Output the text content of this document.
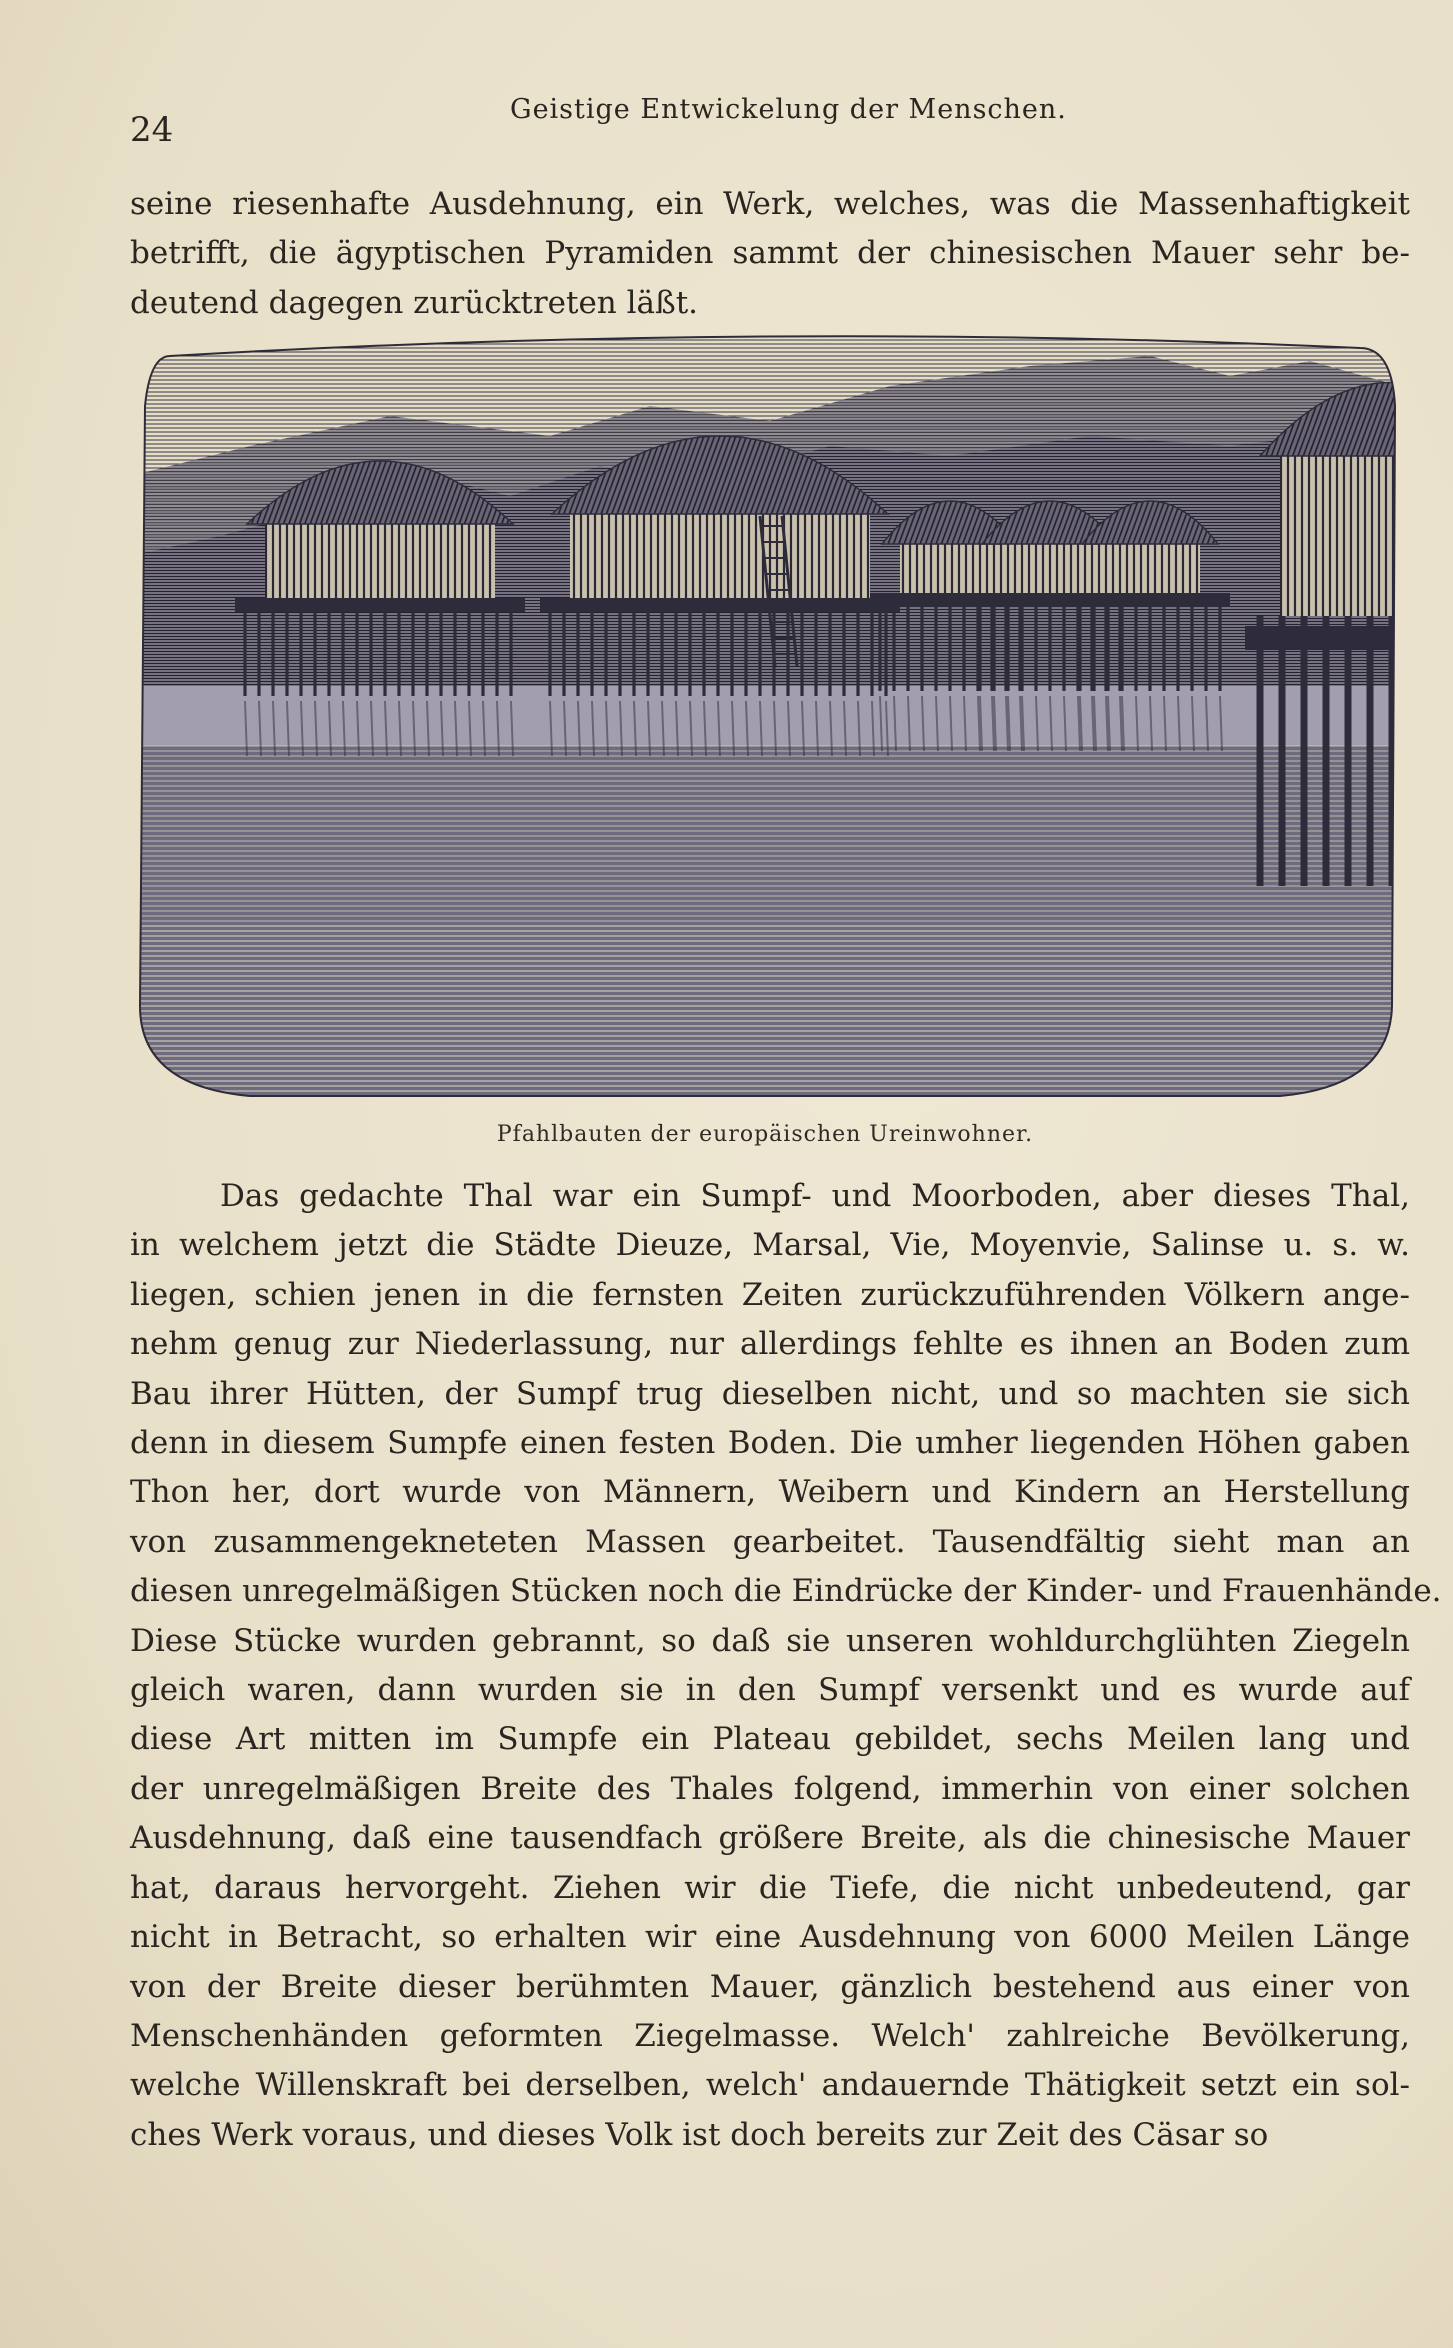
24
Geistige Entwickelung der Menschen.
seine riesenhafte Ausdehnung, ein Werk, welches, was die Massenhaftigkeit
betrifft, die ägyptischen Pyramiden sammt der chinesischen Mauer sehr be-
deutend dagegen zurücktreten läßt.
Pfahlbauten der europäischen Ureinwohner.
Das gedachte Thal war ein Sumpf- und Moorboden, aber dieses Thal,
in welchem jetzt die Städte Dieuze, Marsal, Vie, Moyenvie, Salinse u. s. w.
liegen, schien jenen in die fernsten Zeiten zurückzuführenden Völkern ange-
nehm genug zur Niederlassung, nur allerdings fehlte es ihnen an Boden zum
Bau ihrer Hütten, der Sumpf trug dieselben nicht, und so machten sie sich
denn in diesem Sumpfe einen festen Boden. Die umher liegenden Höhen gaben
Thon her, dort wurde von Männern, Weibern und Kindern an Herstellung
von zusammengekneteten Massen gearbeitet. Tausendfältig sieht man an
diesen unregelmäßigen Stücken noch die Eindrücke der Kinder- und Frauenhände.
Diese Stücke wurden gebrannt, so daß sie unseren wohldurchglühten Ziegeln
gleich waren, dann wurden sie in den Sumpf versenkt und es wurde auf
diese Art mitten im Sumpfe ein Plateau gebildet, sechs Meilen lang und
der unregelmäßigen Breite des Thales folgend, immerhin von einer solchen
Ausdehnung, daß eine tausendfach größere Breite, als die chinesische Mauer
hat, daraus hervorgeht. Ziehen wir die Tiefe, die nicht unbedeutend, gar
nicht in Betracht, so erhalten wir eine Ausdehnung von 6000 Meilen Länge
von der Breite dieser berühmten Mauer, gänzlich bestehend aus einer von
Menschenhänden geformten Ziegelmasse. Welch' zahlreiche Bevölkerung,
welche Willenskraft bei derselben, welch' andauernde Thätigkeit setzt ein sol-
ches Werk voraus, und dieses Volk ist doch bereits zur Zeit des Cäsar so
